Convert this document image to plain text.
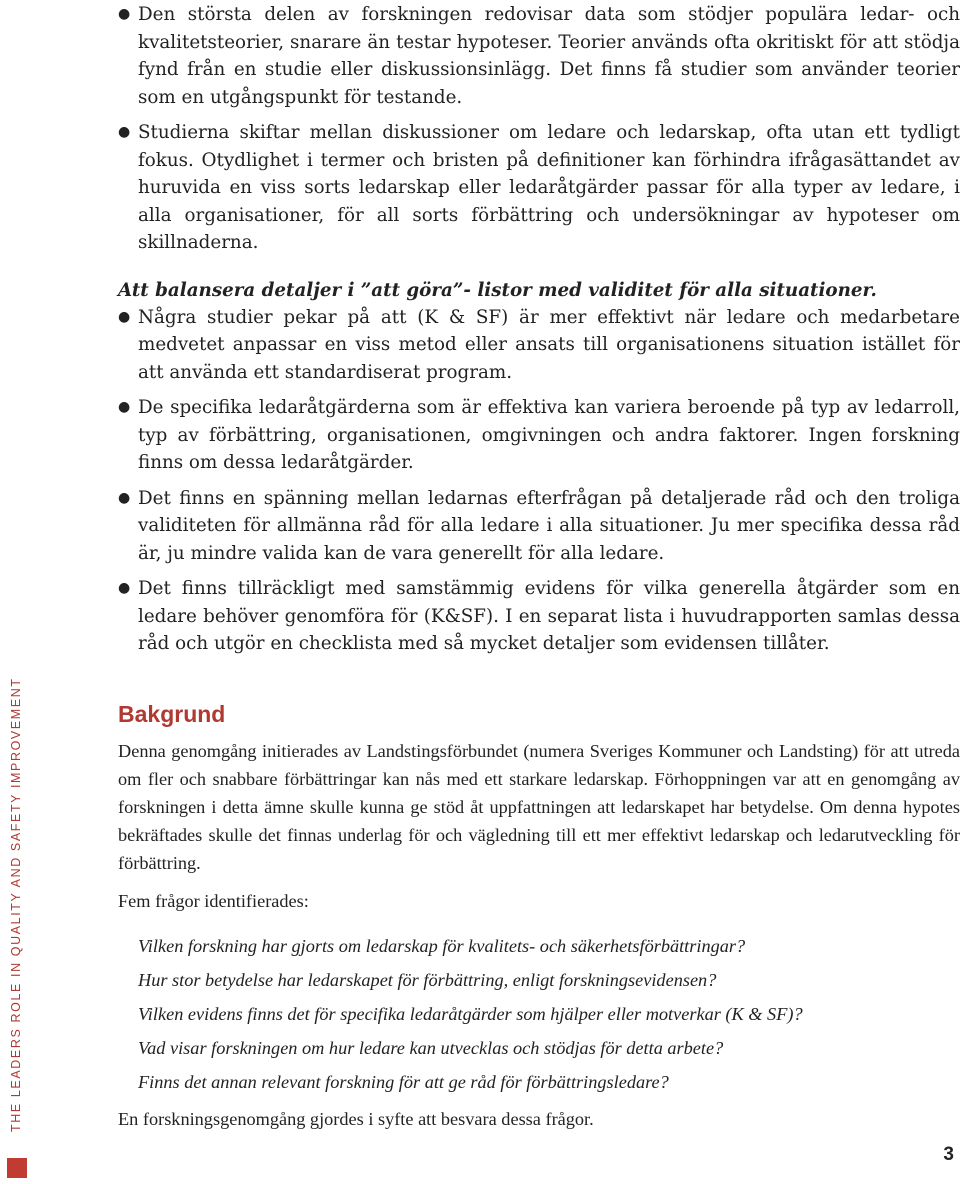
● Den största delen av forskningen redovisar data som stödjer populära ledar- och kvalitetsteorier, snarare än testar hypoteser. Teorier används ofta okritiskt för att stödja fynd från en studie eller diskussionsinlägg. Det finns få studier som använder teorier som en utgångspunkt för testande.
● Studierna skiftar mellan diskussioner om ledare och ledarskap, ofta utan ett tydligt fokus. Otydlighet i termer och bristen på definitioner kan förhindra ifrågasättandet av huruvida en viss sorts ledarskap eller ledaråtgärder passar för alla typer av ledare, i alla organisationer, för all sorts förbättring och undersökningar av hypoteser om skillnaderna.

Att balansera detaljer i ”att göra”- listor med validitet för alla situationer.

● Några studier pekar på att (K & SF) är mer effektivt när ledare och medarbetare medvetet anpassar en viss metod eller ansats till organisationens situation istället för att använda ett standardiserat program.
● De specifika ledaråtgärderna som är effektiva kan variera beroende på typ av ledarroll, typ av förbättring, organisationen, omgivningen och andra faktorer. Ingen forskning finns om dessa ledaråtgärder.
● Det finns en spänning mellan ledarnas efterfrågan på detaljerade råd och den troliga validiteten för allmänna råd för alla ledare i alla situationer. Ju mer specifika dessa råd är, ju mindre valida kan de vara generellt för alla ledare.
● Det finns tillräckligt med samstämmig evidens för vilka generella åtgärder som en ledare behöver genomföra för (K&SF). I en separat lista i huvudrapporten samlas dessa råd och utgör en checklista med så mycket detaljer som evidensen tillåter.
Bakgrund

Denna genomgång initierades av Landstingsförbundet (numera Sveriges Kommuner och Landsting) för att utreda om fler och snabbare förbättringar kan nås med ett starkare ledarskap. Förhoppningen var att en genomgång av forskningen i detta ämne skulle kunna ge stöd åt uppfattningen att ledarskapet har betydelse. Om denna hypotes bekräftades skulle det finnas underlag för och vägledning till ett mer effektivt ledarskap och ledarutveckling för förbättring.

Fem frågor identifierades:

Vilken forskning har gjorts om ledarskap för kvalitets- och säkerhetsförbättringar?
Hur stor betydelse har ledarskapet för förbättring, enligt forskningsevidensen?
Vilken evidens finns det för specifika ledaråtgärder som hjälper eller motverkar (K & SF)?
Vad visar forskningen om hur ledare kan utvecklas och stödjas för detta arbete?
Finns det annan relevant forskning för att ge råd för förbättringsledare?

En forskningsgenomgång gjordes i syfte att besvara dessa frågor.

THE LEADERS ROLE IN QUALITY AND SAFETY IMPROVEMENT
3
